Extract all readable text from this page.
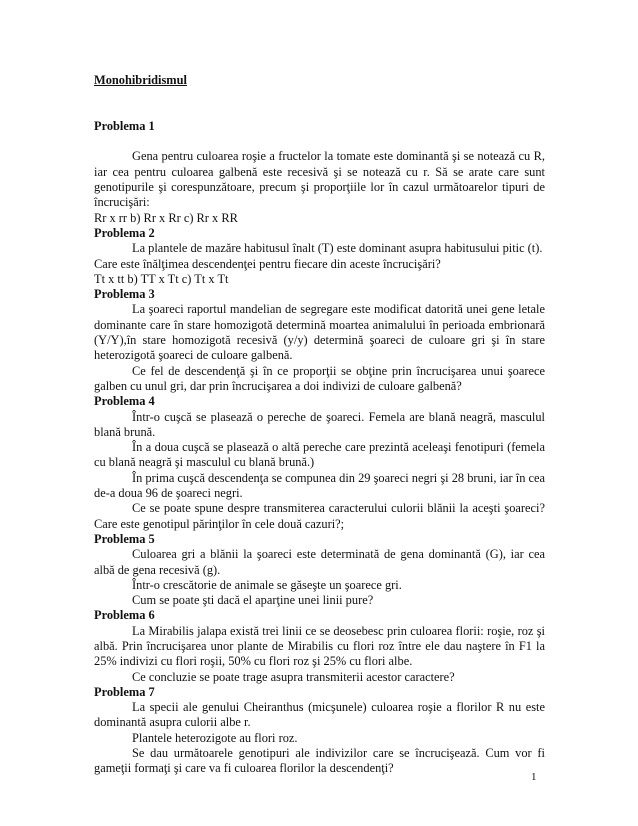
Monohibridismul
Problema 1

Gena pentru culoarea roşie a fructelor la tomate este dominantă şi se notează cu R, iar cea pentru culoarea galbenă este recesivă şi se notează cu r. Să se arate care sunt genotipurile şi corespunzătoare, precum şi proporţiile lor în cazul următoarelor tipuri de încrucişări:

Rr x rr b) Rr x Rr c) Rr x RR

Problema 2

La plantele de mazăre habitusul înalt (T) este dominant asupra habitusului pitic (t).

Care este înălţimea descendenţei pentru fiecare din aceste încrucişări?

Tt x tt b) TT x Tt c) Tt x Tt

Problema 3

La şoareci raportul mandelian de segregare este modificat datorită unei gene letale dominante care în stare homozigotă determină moartea animalului în perioada embrionară (Y/Y),în stare homozigotă recesivă (y/y) determină şoareci de culoare gri şi în stare heterozigotă şoareci de culoare galbenă.

Ce fel de descendenţă şi în ce proporţii se obţine prin încrucişarea unui şoarece galben cu unul gri, dar prin încrucişarea a doi indivizi de culoare galbenă?

Problema 4

Într-o cuşcă se plasează o pereche de şoareci. Femela are blană neagră, masculul blană brună.

În a doua cuşcă se plasează o altă pereche care prezintă aceleaşi fenotipuri (femela cu blană neagră şi masculul cu blană brună.)

În prima cuşcă descendenţa se compunea din 29 şoareci negri şi 28 bruni, iar în cea de-a doua 96 de şoareci negri.

Ce se poate spune despre transmiterea caracterului culorii blănii la aceşti şoareci? Care este genotipul părinţilor în cele două cazuri?;

Problema 5

Culoarea gri a blănii la şoareci este determinată de gena dominantă (G), iar cea albă de gena recesivă (g).

Într-o crescătorie de animale se găseşte un şoarece gri.

Cum se poate şti dacă el aparţine unei linii pure?

Problema 6

La Mirabilis jalapa există trei linii ce se deosebesc prin culoarea florii: roşie, roz şi albă. Prin încrucişarea unor plante de Mirabilis cu flori roz între ele dau naştere în F1 la 25% indivizi cu flori roşii, 50% cu flori roz şi 25% cu flori albe.

Ce concluzie se poate trage asupra transmiterii acestor caractere?

Problema 7

La specii ale genului Cheiranthus (micşunele) culoarea roşie a florilor R nu este dominantă asupra culorii albe r.

Plantele heterozigote au flori roz.

Se dau următoarele genotipuri ale indivizilor care se încrucişează. Cum vor fi gameţii formaţi şi care va fi culoarea florilor la descendenţi?

1
